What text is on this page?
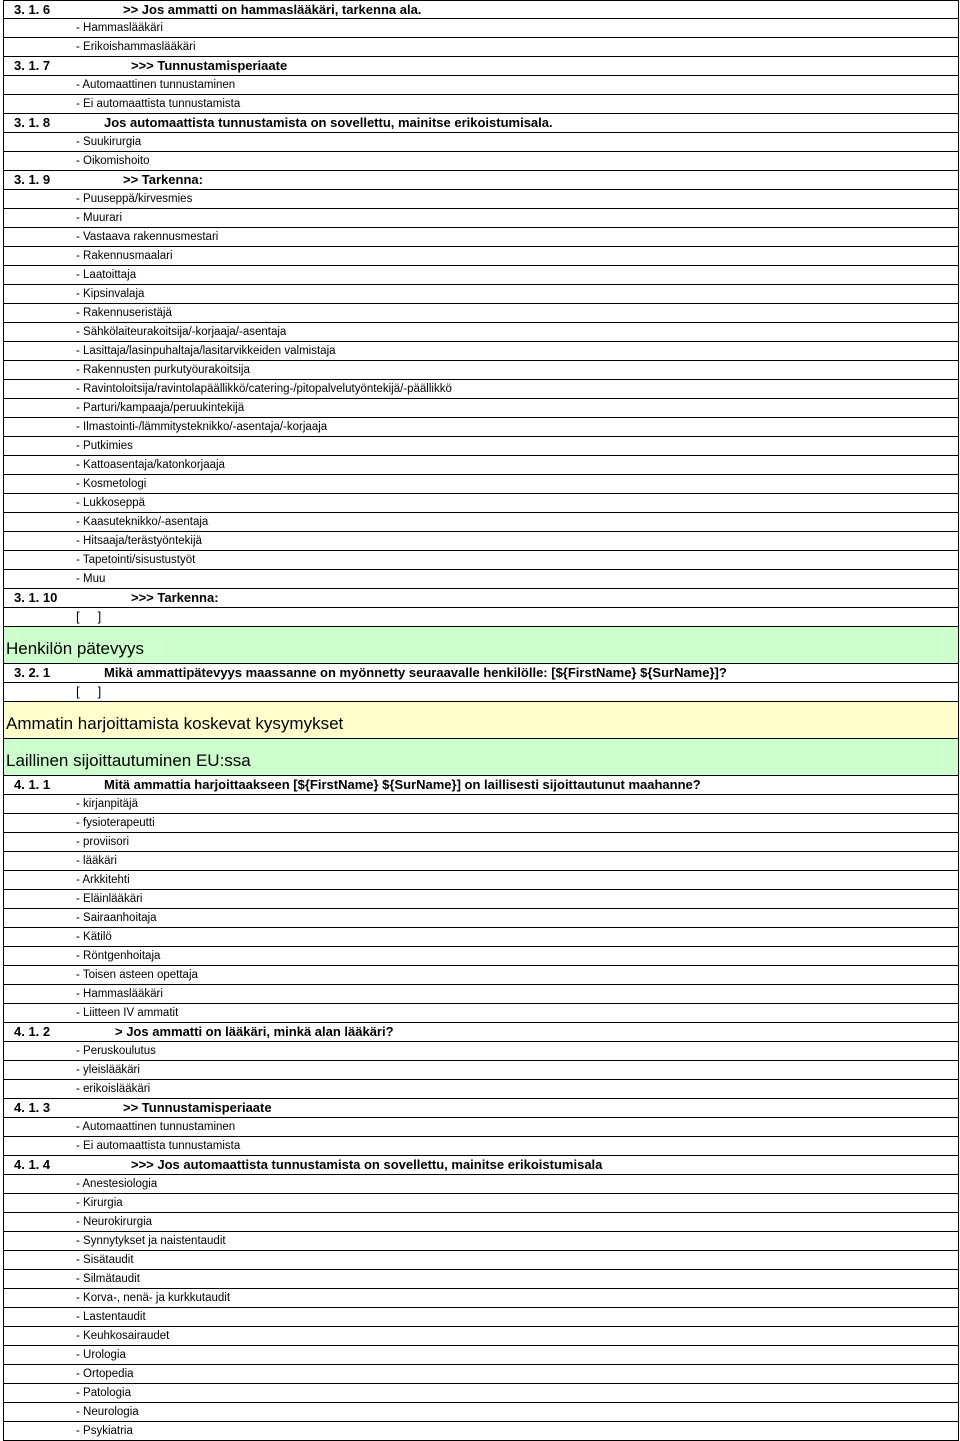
3. 1. 6	>> Jos ammatti on hammaslääkäri, tarkenna ala.
- Hammaslääkäri
- Erikoishammaslääkäri
3. 1. 7	>>> Tunnustamisperiaate
- Automaattinen tunnustaminen
- Ei automaattista tunnustamista
3. 1. 8	Jos automaattista tunnustamista on sovellettu, mainitse erikoistumisala.
- Suukirurgia
- Oikomishoito
3. 1. 9	>> Tarkenna:
- Puuseppä/kirvesmies
- Muurari
- Vastaava rakennusmestari
- Rakennusmaalari
- Laatoittaja
- Kipsinvalaja
- Rakennuseristäjä
- Sähkölaiteurakoitsija/-korjaaja/-asentaja
- Lasittaja/lasinpuhaltaja/lasitarvikkeiden valmistaja
- Rakennusten purkutyöurakoitsija
- Ravintoloitsija/ravintolapäällikkö/catering-/pitopalvelutyöntekijä/-päällikkö
- Parturi/kampaaja/peruukintekijä
- Ilmastointi-/lämmitysteknikko/-asentaja/-korjaaja
- Putkimies
- Kattoasentaja/katonkorjaaja
- Kosmetologi
- Lukkoseppä
- Kaasuteknikko/-asentaja
- Hitsaaja/terästyöntekijä
- Tapetointi/sisustustyöt
- Muu
3. 1. 10	>>> Tarkenna:
[     ]
Henkilön pätevyys
3. 2. 1	Mikä ammattipätevyys maassanne on myönnetty seuraavalle henkilölle: [${FirstName} ${SurName}]?
[     ]
Ammatin harjoittamista koskevat kysymykset
Laillinen sijoittautuminen EU:ssa
4. 1. 1	Mitä ammattia harjoittaakseen [${FirstName} ${SurName}] on laillisesti sijoittautunut maahanne?
- kirjanpitäjä
- fysioterapeutti
- proviisori
- lääkäri
- Arkkitehti
- Eläinlääkäri
- Sairaanhoitaja
- Kätilö
- Röntgenhoitaja
- Toisen asteen opettaja
- Hammaslääkäri
- Liitteen IV ammatit
4. 1. 2	> Jos ammatti on lääkäri, minkä alan lääkäri?
- Peruskoulutus
- yleislääkäri
- erikoislääkäri
4. 1. 3	>> Tunnustamisperiaate
- Automaattinen tunnustaminen
- Ei automaattista tunnustamista
4. 1. 4	>>> Jos automaattista tunnustamista on sovellettu, mainitse erikoistumisala
- Anestesiologia
- Kirurgia
- Neurokirurgia
- Synnytykset ja naistentaudit
- Sisätaudit
- Silmätaudit
- Korva-, nenä- ja kurkkutaudit
- Lastentaudit
- Keuhkosairaudet
- Urologia
- Ortopedia
- Patologia
- Neurologia
- Psykiatria
